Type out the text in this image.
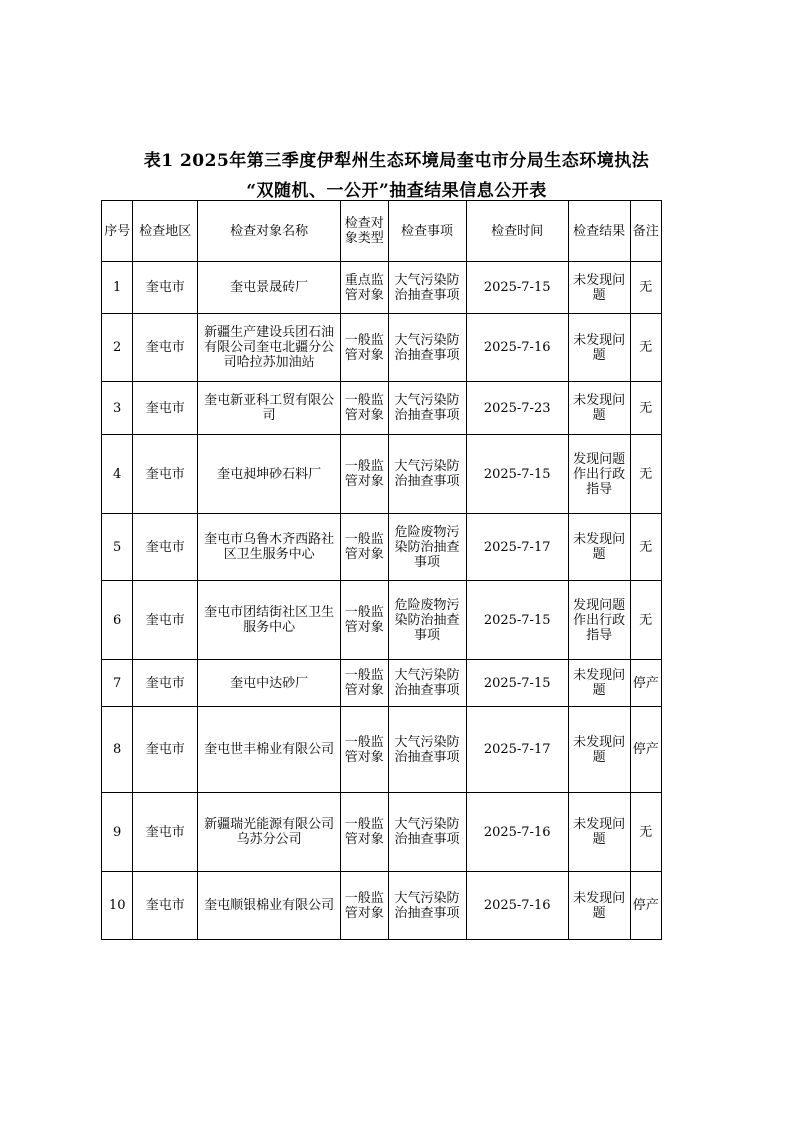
表1 2025年第三季度伊犁州生态环境局奎屯市分局生态环境执法
“双随机、一公开”抽查结果信息公开表
序号	检查地区	检查对象名称	检查对象类型	检查事项	检查时间	检查结果	备注
1	奎屯市	奎屯景晟砖厂	重点监管对象	大气污染防治抽查事项	2025-7-15	未发现问题	无
2	奎屯市	新疆生产建设兵团石油有限公司奎屯北疆分公司哈拉苏加油站	一般监管对象	大气污染防治抽查事项	2025-7-16	未发现问题	无
3	奎屯市	奎屯新亚科工贸有限公司	一般监管对象	大气污染防治抽查事项	2025-7-23	未发现问题	无
4	奎屯市	奎屯昶坤砂石料厂	一般监管对象	大气污染防治抽查事项	2025-7-15	发现问题作出行政指导	无
5	奎屯市	奎屯市乌鲁木齐西路社区卫生服务中心	一般监管对象	危险废物污染防治抽查事项	2025-7-17	未发现问题	无
6	奎屯市	奎屯市团结街社区卫生服务中心	一般监管对象	危险废物污染防治抽查事项	2025-7-15	发现问题作出行政指导	无
7	奎屯市	奎屯中达砂厂	一般监管对象	大气污染防治抽查事项	2025-7-15	未发现问题	停产
8	奎屯市	奎屯世丰棉业有限公司	一般监管对象	大气污染防治抽查事项	2025-7-17	未发现问题	停产
9	奎屯市	新疆瑞光能源有限公司乌苏分公司	一般监管对象	大气污染防治抽查事项	2025-7-16	未发现问题	无
10	奎屯市	奎屯顺银棉业有限公司	一般监管对象	大气污染防治抽查事项	2025-7-16	未发现问题	停产
